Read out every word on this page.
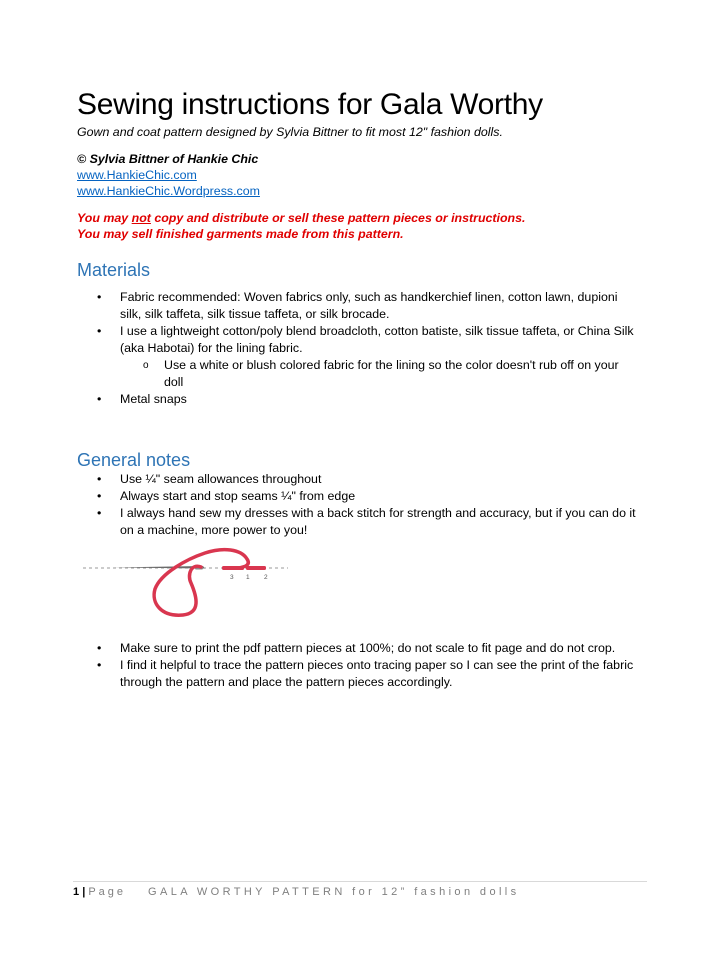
Sewing instructions for Gala Worthy
Gown and coat pattern designed by Sylvia Bittner to fit most 12" fashion dolls.
© Sylvia Bittner of Hankie Chic
www.HankieChic.com
www.HankieChic.Wordpress.com
You may not copy and distribute or sell these pattern pieces or instructions.
You may sell finished garments made from this pattern.
Materials
• Fabric recommended: Woven fabrics only, such as handkerchief linen, cotton lawn, dupioni silk, silk taffeta, silk tissue taffeta, or silk brocade.
• I use a lightweight cotton/poly blend broadcloth, cotton batiste, silk tissue taffeta, or China Silk (aka Habotai) for the lining fabric.
o Use a white or blush colored fabric for the lining so the color doesn't rub off on your doll
• Metal snaps
General notes
• Use ¼" seam allowances throughout
• Always start and stop seams ¼" from edge
• I always hand sew my dresses with a back stitch for strength and accuracy, but if you can do it on a machine, more power to you!
3 1 2
• Make sure to print the pdf pattern pieces at 100%; do not scale to fit page and do not crop.
• I find it helpful to trace the pattern pieces onto tracing paper so I can see the print of the fabric through the pattern and place the pattern pieces accordingly.
1 | Page GALA WORTHY PATTERN for 12” fashion dolls
